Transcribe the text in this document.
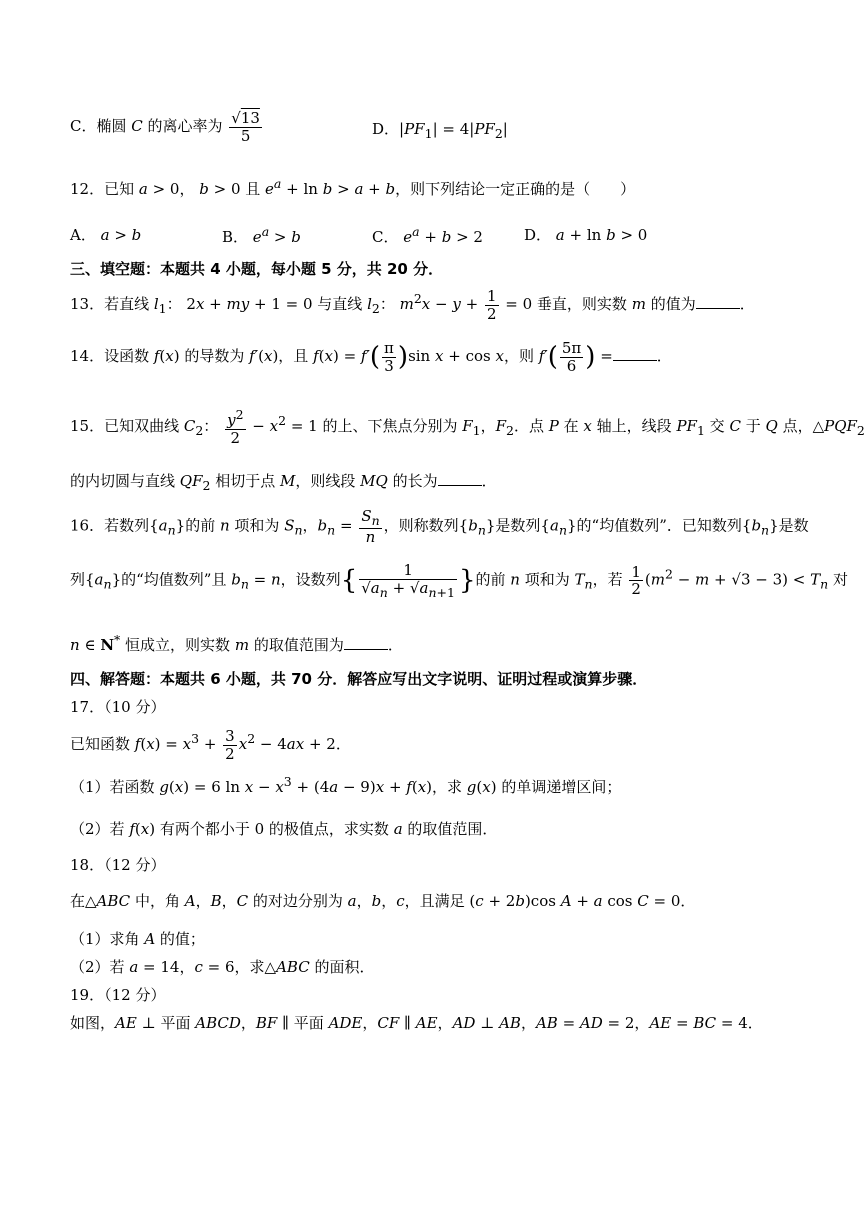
C．椭圆 C 的离心率为 $\frac{√13}{5}$	D．$|PF_1| = 4|PF_2|$
12．已知 a > 0， b > 0 且 $e^a + \ln b > a + b$，则下列结论一定正确的是（　　）
A． a > b	B． $e^a > b$	C． $e^a + b > 2$	D． a + ln b > 0
三、填空题：本题共 4 小题，每小题 5 分，共 20 分．
13．若直线 $l_1$： 2x + my + 1 = 0 与直线 $l_2$： $m^2x - y + \frac{1}{2} = 0$ 垂直，则实数 m 的值为	．
14．设函数 f(x) 的导数为 f′(x)，且 $f(x) = f'( \frac{\pi}{3} )\sin$ x + cos x，则 $f'( \frac{5\pi}{6}$ ) =	．
15．已知双曲线 $C_2$： $\frac{y^2}{2} - x^2 = 1$ 的上、下焦点分别为 $F_1$，$F_2$．点 P 在 x 轴上，线段 $PF_1$ 交 C 于 Q 点，$\triangle PQF_2$
的内切圆与直线 $QF_2$ 相切于点 M，则线段 MQ 的长为	．
16．若数列$\{a_n\}$的前 n 项和为 $S_n$，$b_n = \frac{S_n}{n}$ ，则称数列$\{b_n\}$是数列$\{a_n\}$的“均值数列”．已知数列$\{b_n\}$是数
列$\{a_n\}$的“均值数列”且 $b_n = n$，设数列{ $\frac{1}{√a_n + √a_{n+1}}$ }的前 n 项和为 $T_n$，若 $\frac{1}{2} (m^2 - m + √3 - 3) < T_n$ 对
n ∈ N* 恒成立，则实数 m 的取值范围为	．
四、解答题：本题共 6 小题，共 70 分．解答应写出文字说明、证明过程或演算步骤．
17．（10 分）
已知函数 $f(x) = x^3 + \frac{3}{2} x^2 - 4ax + 2$．
（1）若函数 g(x) = 6 $\ln x - x^3 + (4a - 9)x + f(x)$，求 g(x) 的单调递增区间；
（2）若 f(x) 有两个都小于 0 的极值点，求实数 a 的取值范围．
18．（12 分）
在△ABC 中，角 A，B，C 的对边分别为 a，b，c，且满足 (c + 2b)cos A + a cos C = 0．
（1）求角 A 的值；
（2）若 a = 14，c = 6，求△ABC 的面积．
19．（12 分）
如图，AE ⊥ 平面 ABCD，BF ∥ 平面 ADE，CF ∥ AE，AD ⊥ AB，AB = AD = 2，AE = BC = 4．
